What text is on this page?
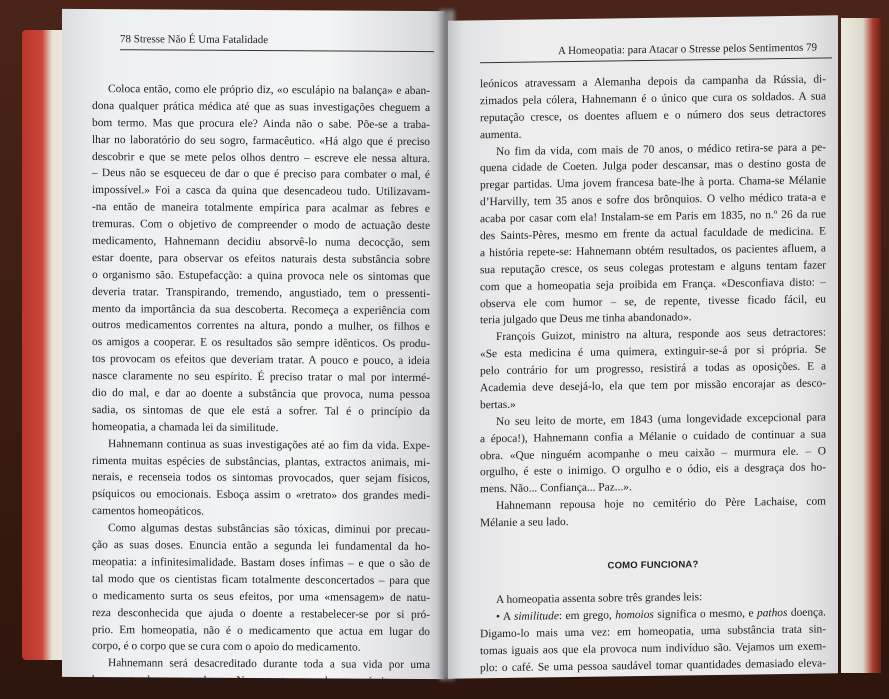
78 Stresse Não É Uma Fatalidade
Coloca então, como ele próprio diz, «o esculápio na balança» e aban-
dona qualquer prática médica até que as suas investigações cheguem a
bom termo. Mas que procura ele? Ainda não o sabe. Põe-se a traba-
lhar no laboratório do seu sogro, farmacêutico. «Há algo que é preciso
descobrir e que se mete pelos olhos dentro – escreve ele nessa altura.
– Deus não se esqueceu de dar o que é preciso para combater o mal, é
impossível.» Foi a casca da quina que desencadeou tudo. Utilizavam-
-na então de maneira totalmente empírica para acalmar as febres e
tremuras. Com o objetivo de compreender o modo de actuação deste
medicamento, Hahnemann decidiu absorvê-lo numa decocção, sem
estar doente, para observar os efeitos naturais desta substância sobre
o organismo são. Estupefacção: a quina provoca nele os sintomas que
deveria tratar. Transpirando, tremendo, angustiado, tem o pressenti-
mento da importância da sua descoberta. Recomeça a experiência com
outros medicamentos correntes na altura, pondo a mulher, os filhos e
os amigos a cooperar. E os resultados são sempre idênticos. Os produ-
tos provocam os efeitos que deveriam tratar. A pouco e pouco, a ideia
nasce claramente no seu espírito. É preciso tratar o mal por intermé-
dio do mal, e dar ao doente a substância que provoca, numa pessoa
sadia, os sintomas de que ele está a sofrer. Tal é o princípio da
homeopatia, a chamada lei da similitude.
Hahnemann continua as suas investigações até ao fim da vida. Expe-
rimenta muitas espécies de substâncias, plantas, extractos animais, mi-
nerais, e recenseia todos os sintomas provocados, quer sejam físicos,
psíquicos ou emocionais. Esboça assim o «retrato» dos grandes medi-
camentos homeopáticos.
Como algumas destas substâncias são tóxicas, diminui por precau-
ção as suas doses. Enuncia então a segunda lei fundamental da ho-
meopatia: a infinitesimalidade. Bastam doses ínfimas – e que o são de
tal modo que os cientistas ficam totalmente desconcertados – para que
o medicamento surta os seus efeitos, por uma «mensagem» de natu-
reza desconhecida que ajuda o doente a restabelecer-se por si pró-
prio. Em homeopatia, não é o medicamento que actua em lugar do
corpo, é o corpo que se cura com o apoio do medicamento.
Hahnemann será desacreditado durante toda a sua vida por uma
boa parte dos seus colegas. No entanto, quando os exércitos napo-
A Homeopatia: para Atacar o Stresse pelos Sentimentos 79
leónicos atravessam a Alemanha depois da campanha da Rússia, di-
zimados pela cólera, Hahnemann é o único que cura os soldados. A sua
reputação cresce, os doentes afluem e o número dos seus detractores
aumenta.
No fim da vida, com mais de 70 anos, o médico retira-se para a pe-
quena cidade de Coeten. Julga poder descansar, mas o destino gosta de
pregar partidas. Uma jovem francesa bate-lhe à porta. Chama-se Mélanie
d’Harvilly, tem 35 anos e sofre dos brônquios. O velho médico trata-a e
acaba por casar com ela! Instalam-se em Paris em 1835, no n.º 26 da rue
des Saints-Pères, mesmo em frente da actual faculdade de medicina. E
a história repete-se: Hahnemann obtém resultados, os pacientes afluem, a
sua reputação cresce, os seus colegas protestam e alguns tentam fazer
com que a homeopatia seja proibida em França. «Desconfiava disto: –
observa ele com humor – se, de repente, tivesse ficado fácil, eu
teria julgado que Deus me tinha abandonado».
François Guizot, ministro na altura, responde aos seus detractores:
«Se esta medicina é uma quimera, extinguir-se-á por si própria. Se
pelo contrário for um progresso, resistirá a todas as oposições. E a
Academia deve desejá-lo, ela que tem por missão encorajar as desco-
bertas.»
No seu leito de morte, em 1843 (uma longevidade excepcional para
a época!), Hahnemann confia a Mélanie o cuidado de continuar a sua
obra. «Que ninguém acompanhe o meu caixão – murmura ele. – O
orgulho, é este o inimigo. O orgulho e o ódio, eis a desgraça dos ho-
mens. Não... Confiança... Paz...».
Hahnemann repousa hoje no cemitério do Père Lachaise, com
Mélanie a seu lado.
COMO FUNCIONA?
A homeopatia assenta sobre três grandes leis:
• A similitude: em grego, homoios significa o mesmo, e pathos doença.
Digamo-lo mais uma vez: em homeopatia, uma substância trata sin-
tomas iguais aos que ela provoca num indivíduo são. Vejamos um exem-
plo: o café. Se uma pessoa saudável tomar quantidades demasiado eleva-
